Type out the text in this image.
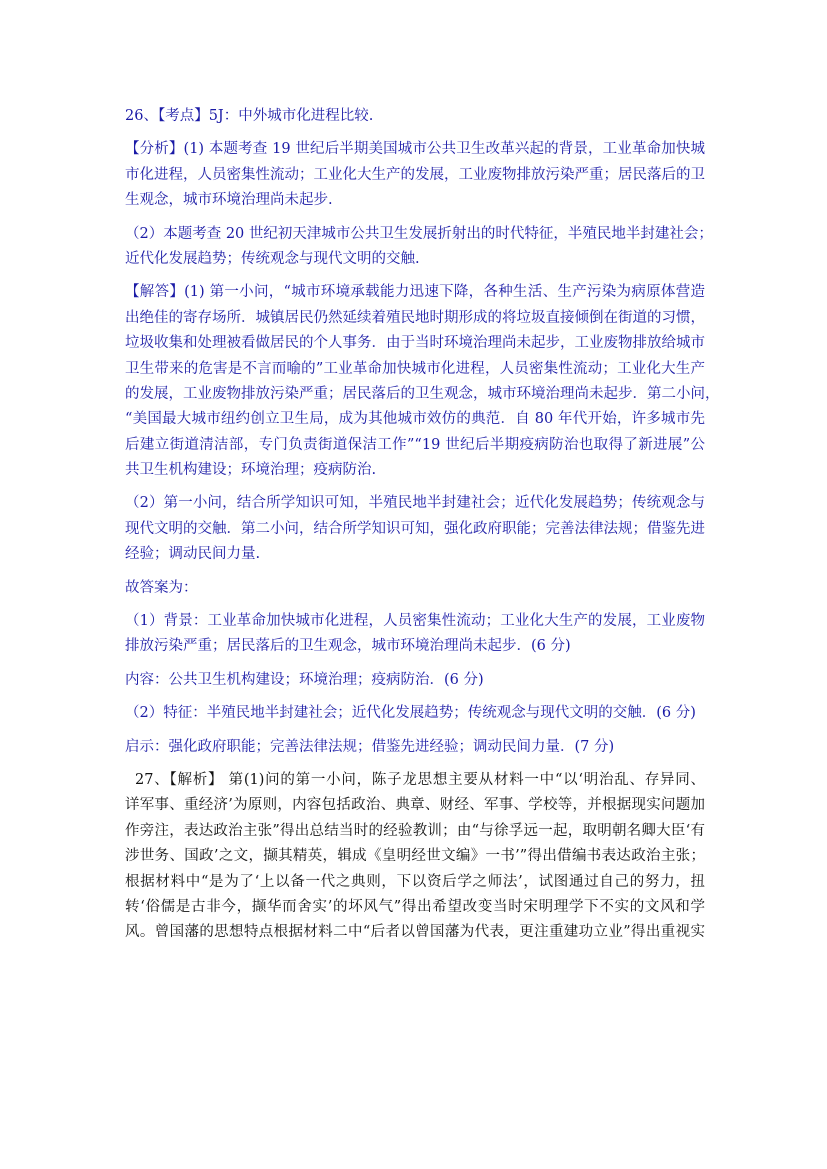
26、【考点】5J：中外城市化进程比较.
【分析】(1) 本题考查 19 世纪后半期美国城市公共卫生改革兴起的背景，工业革命加快城
市化进程，人员密集性流动；工业化大生产的发展，工业废物排放污染严重；居民落后的卫
生观念，城市环境治理尚未起步.
（2）本题考查 20 世纪初天津城市公共卫生发展折射出的时代特征，半殖民地半封建社会；
近代化发展趋势；传统观念与现代文明的交触.
【解答】(1) 第一小问，“城市环境承载能力迅速下降，各种生活、生产污染为病原体营造
出绝佳的寄存场所．城镇居民仍然延续着殖民地时期形成的将垃圾直接倾倒在街道的习惯，
垃圾收集和处理被看做居民的个人事务．由于当时环境治理尚未起步，工业废物排放给城市
卫生带来的危害是不言而喻的”工业革命加快城市化进程，人员密集性流动；工业化大生产
的发展，工业废物排放污染严重；居民落后的卫生观念，城市环境治理尚未起步．第二小问，
“美国最大城市纽约创立卫生局，成为其他城市效仿的典范．自 80 年代开始，许多城市先
后建立街道清洁部，专门负责街道保洁工作”“19 世纪后半期疫病防治也取得了新进展”公
共卫生机构建设；环境治理；疫病防治.
（2）第一小问，结合所学知识可知，半殖民地半封建社会；近代化发展趋势；传统观念与
现代文明的交触．第二小问，结合所学知识可知，强化政府职能；完善法律法规；借鉴先进
经验；调动民间力量.
故答案为：
（1）背景：工业革命加快城市化进程，人员密集性流动；工业化大生产的发展，工业废物
排放污染严重；居民落后的卫生观念，城市环境治理尚未起步．(6 分)
内容：公共卫生机构建设；环境治理；疫病防治．(6 分)
（2）特征：半殖民地半封建社会；近代化发展趋势；传统观念与现代文明的交触．(6 分)
启示：强化政府职能；完善法律法规；借鉴先进经验；调动民间力量．(7 分)
27、【解析】 第(1)问的第一小问，陈子龙思想主要从材料一中“以‘明治乱、存异同、
详军事、重经济’为原则，内容包括政治、典章、财经、军事、学校等，并根据现实问题加
作旁注，表达政治主张”得出总结当时的经验教训；由“与徐孚远一起，取明朝名卿大臣‘有
涉世务、国政’之文，撷其精英，辑成《皇明经世文编》一书’”得出借编书表达政治主张；
根据材料中“是为了‘上以备一代之典则，下以资后学之师法’，试图通过自己的努力，扭
转‘俗儒是古非今，撷华而舍实’的坏风气”得出希望改变当时宋明理学下不实的文风和学
风。曾国藩的思想特点根据材料二中“后者以曾国藩为代表，更注重建功立业”得出重视实
